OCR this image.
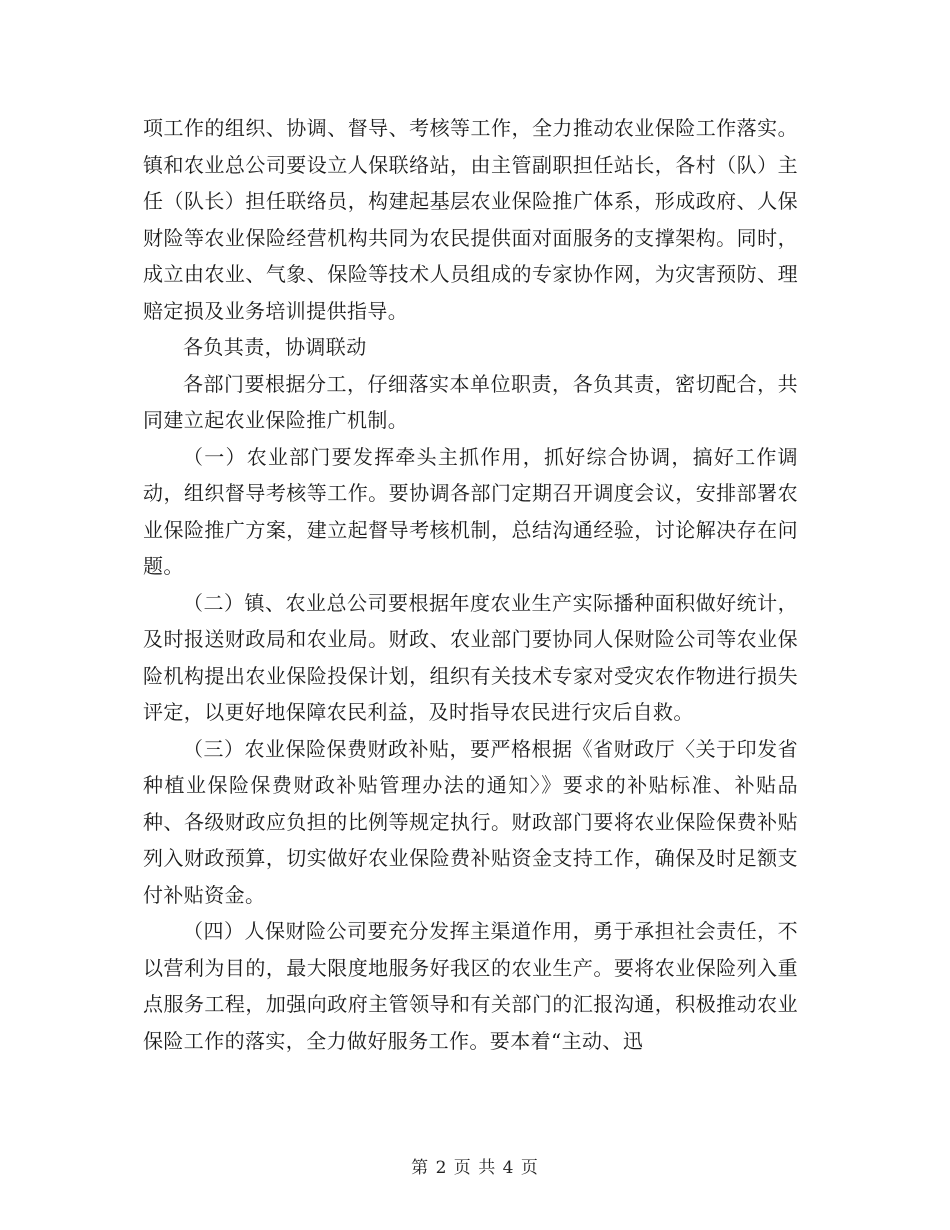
项工作的组织、协调、督导、考核等工作，全力推动农业保险工作落实。镇和农业总公司要设立人保联络站，由主管副职担任站长，各村（队）主任（队长）担任联络员，构建起基层农业保险推广体系，形成政府、人保财险等农业保险经营机构共同为农民提供面对面服务的支撑架构。同时，成立由农业、气象、保险等技术人员组成的专家协作网，为灾害预防、理赔定损及业务培训提供指导。

各负其责，协调联动

各部门要根据分工，仔细落实本单位职责，各负其责，密切配合，共同建立起农业保险推广机制。

（一）农业部门要发挥牵头主抓作用，抓好综合协调，搞好工作调动，组织督导考核等工作。要协调各部门定期召开调度会议，安排部署农业保险推广方案，建立起督导考核机制，总结沟通经验，讨论解决存在问题。

（二）镇、农业总公司要根据年度农业生产实际播种面积做好统计，及时报送财政局和农业局。财政、农业部门要协同人保财险公司等农业保险机构提出农业保险投保计划，组织有关技术专家对受灾农作物进行损失评定，以更好地保障农民利益，及时指导农民进行灾后自救。

（三）农业保险保费财政补贴，要严格根据《省财政厅〈关于印发省种植业保险保费财政补贴管理办法的通知〉》要求的补贴标准、补贴品种、各级财政应负担的比例等规定执行。财政部门要将农业保险保费补贴列入财政预算，切实做好农业保险费补贴资金支持工作，确保及时足额支付补贴资金。

（四）人保财险公司要充分发挥主渠道作用，勇于承担社会责任，不以营利为目的，最大限度地服务好我区的农业生产。要将农业保险列入重点服务工程，加强向政府主管领导和有关部门的汇报沟通，积极推动农业保险工作的落实，全力做好服务工作。要本着“主动、迅

第 2 页 共 4 页
